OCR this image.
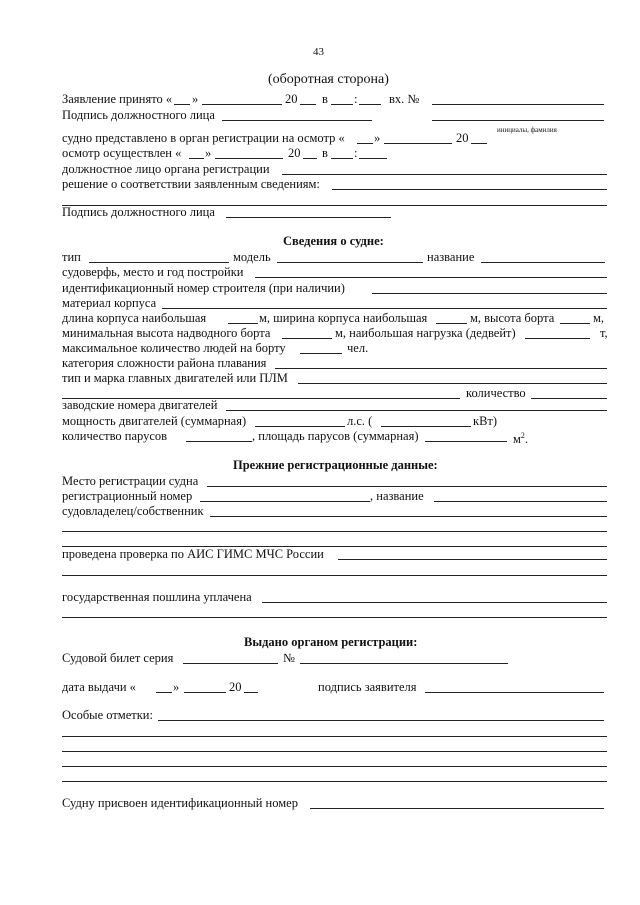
43
(оборотная сторона)
Заявление принято « »	20 в :	вх. №
Подпись должностного лица
инициалы, фамилия
судно представлено в орган регистрации на осмотр « »	20
осмотр осуществлен « »	20 в :
должностное лицо органа регистрации
решение о соответствии заявленным сведениям:
Подпись должностного лица
Сведения о судне:
тип	модель	название
судоверфь, место и год постройки
идентификационный номер строителя (при наличии)
материал корпуса
длина корпуса наибольшая	м, ширина корпуса наибольшая	м, высота борта	м,
минимальная высота надводного борта	м, наибольшая нагрузка (дедвейт)	т,
максимальное количество людей на борту	чел.
категория сложности района плавания
тип и марка главных двигателей или ПЛМ
количество
заводские номера двигателей
мощность двигателей (суммарная)	л.с. (	кВт)
количество парусов	, площадь парусов (суммарная)	$м^2$.
Прежние регистрационные данные:
Место регистрации судна
регистрационный номер	, название
судовладелец/собственник
проведена проверка по АИС ГИМС МЧС России
государственная пошлина уплачена
Выдано органом регистрации:
Судовой билет серия	№
дата выдачи «	»	20	подпись заявителя
Особые отметки:
Судну присвоен идентификационный номер
